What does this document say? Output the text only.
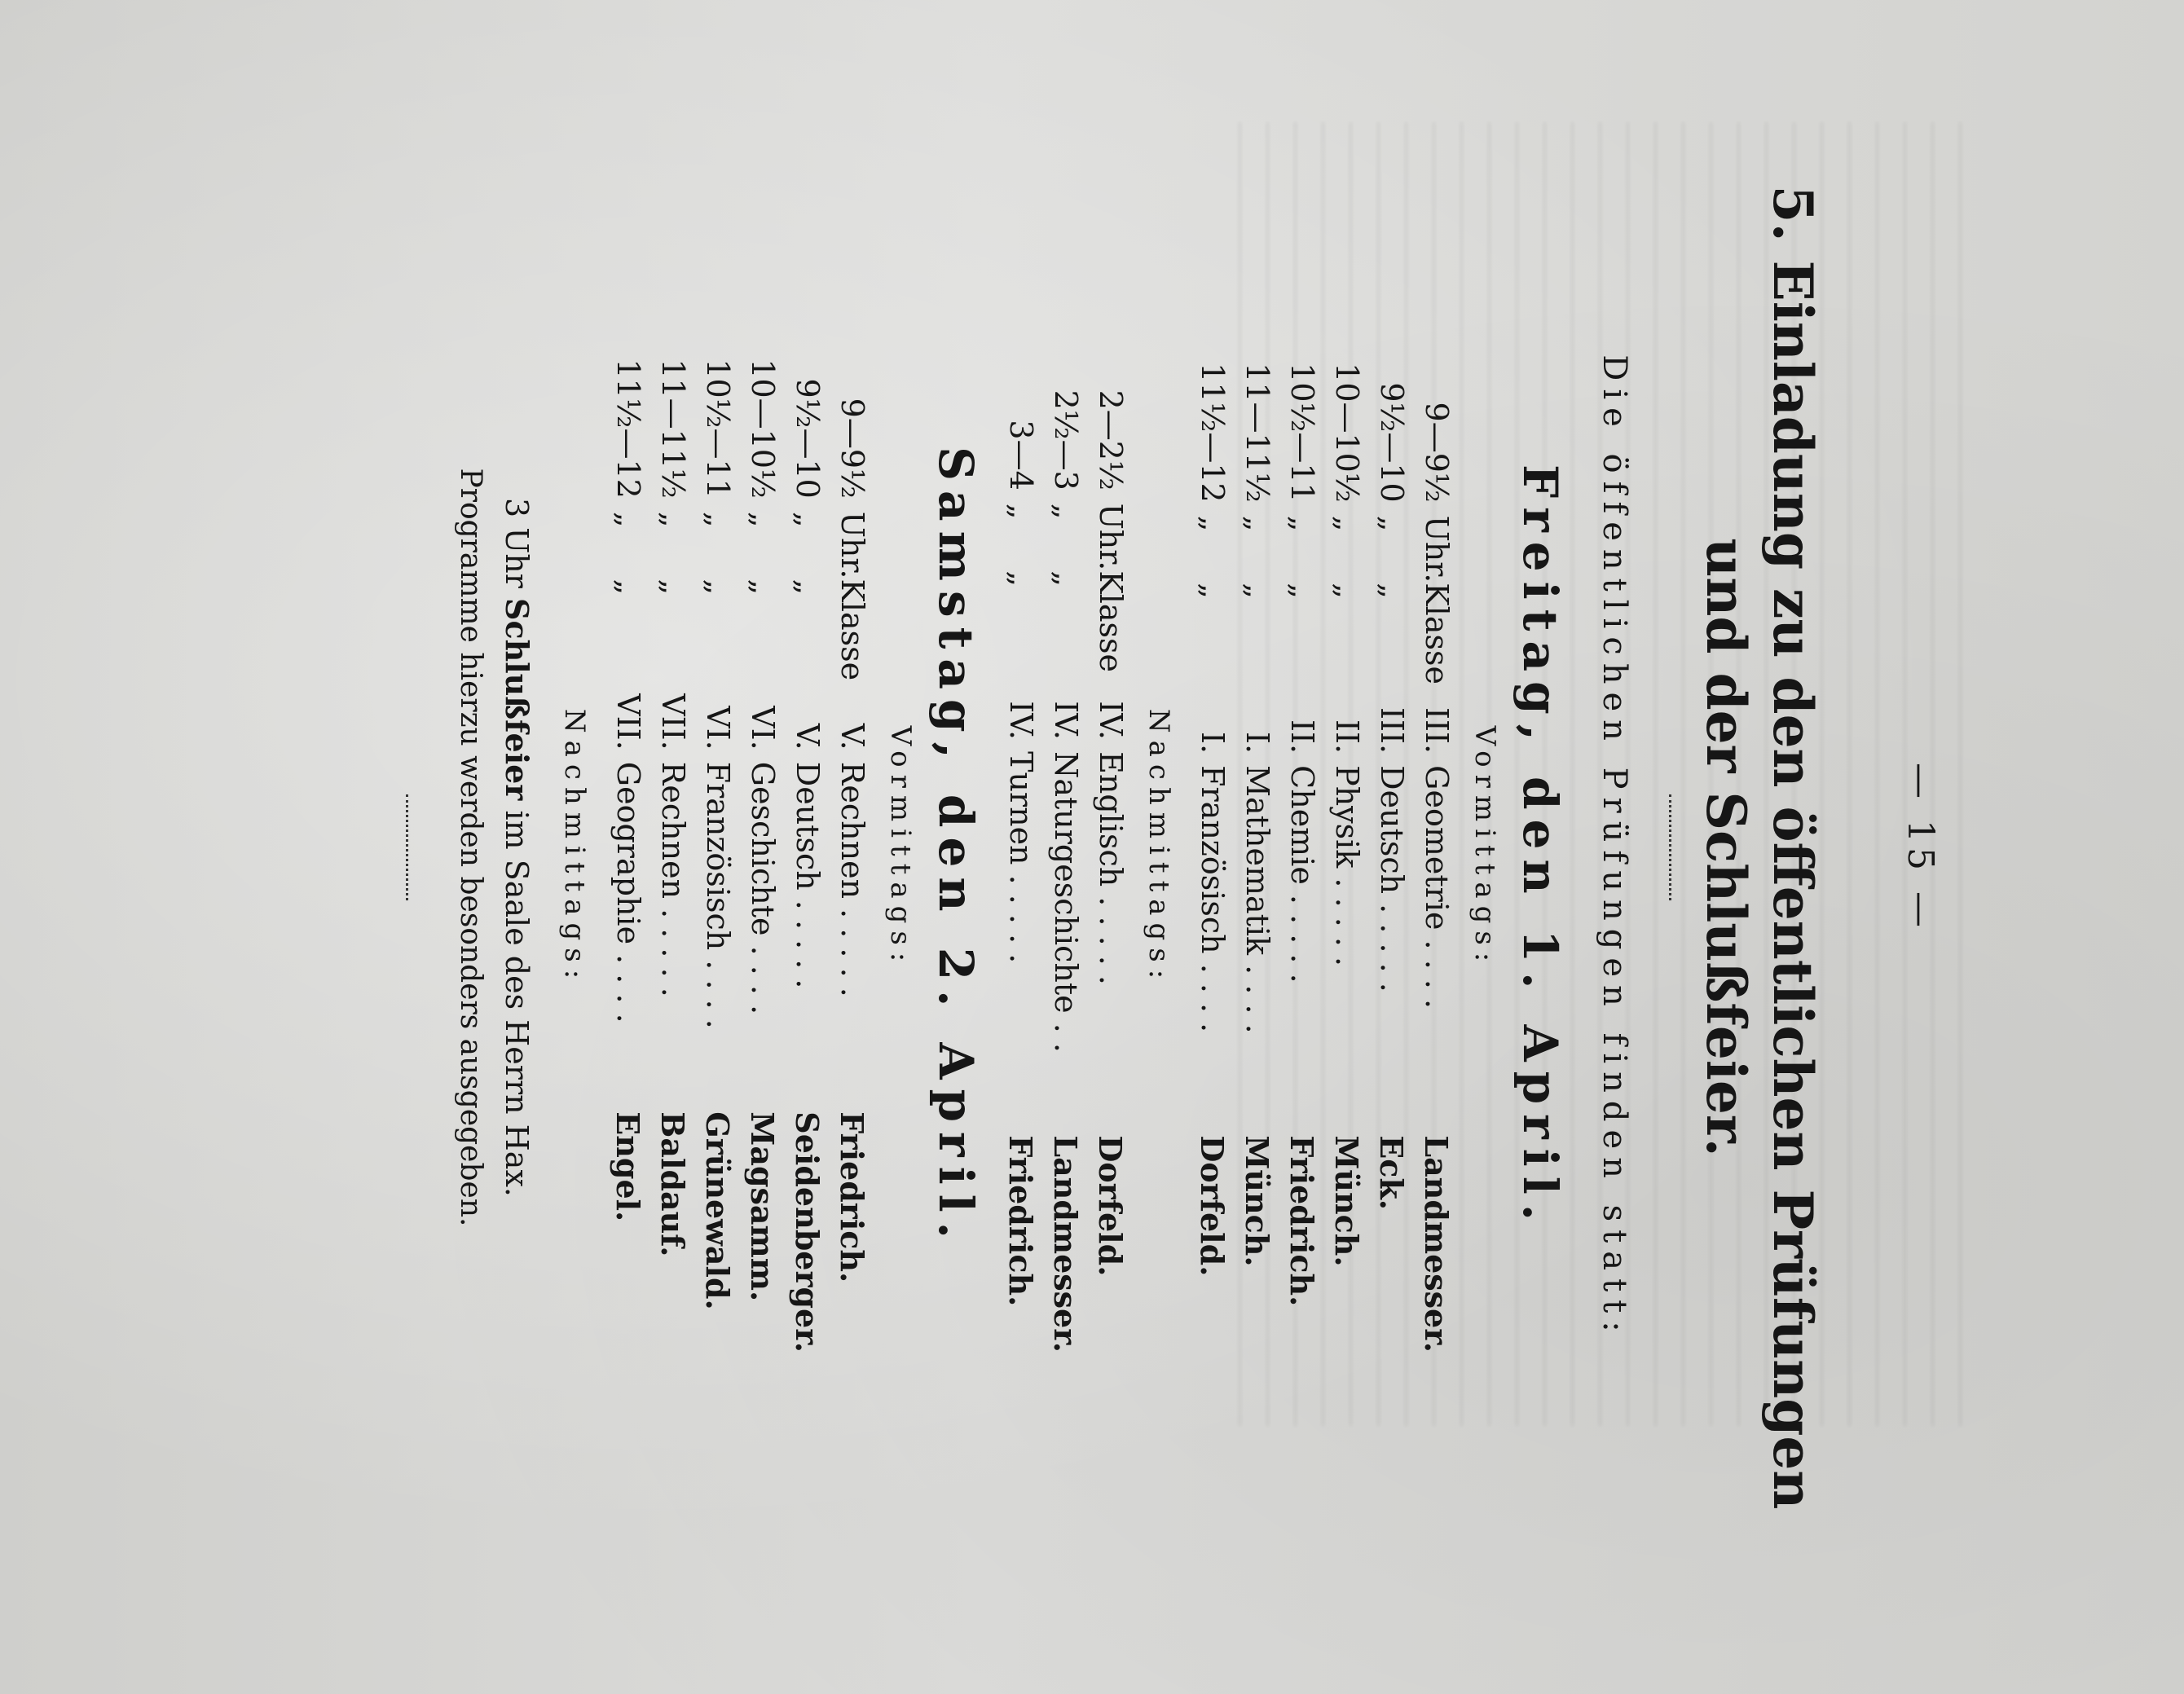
— 15 —
5. Einladung zu den öffentlichen Prüfungen
und der Schlußfeier.

Die öffentlichen Prüfungen finden statt:

Freitag, den 1. April.

Vormittags:

9—9½	Uhr.	Klasse	III.	Geometrie . . . .	Landmesser.
9½—10	„	„	III.	Deutsch . . . . .	Eck.
10—10½	„	„	II.	Physik . . . . .	Münch.
10½—11	„	„	II.	Chemie . . . . .	Friedrich.
11—11½	„	„	I.	Mathematik . . . .	Münch.
11½—12	„	„	I.	Französisch . . . .	Dorfeld.

Nachmittags:

2—2½	Uhr.	Klasse	IV.	Englisch . . . . .	Dorfeld.
2½—3	„	„	IV.	Naturgeschichte . .	Landmesser.
3—4	„	„	IV.	Turnen . . . . .	Friedrich.
Samstag, den 2. April.

Vormittags:

9—9½	Uhr.	Klasse	V.	Rechnen . . . . .	Friedrich.
9½—10	„	„	V.	Deutsch . . . . .	Seidenberger.
10—10½	„	„	VI.	Geschichte . . . .	Magsamm.
10½—11	„	„	VI.	Französisch . . . .	Grünewald.
11—11½	„	„	VII.	Rechnen . . . . .	Baldauf.
11½—12	„	„	VII.	Geographie . . . .	Engel.

Nachmittags:

3 Uhr Schlußfeier im Saale des Herrn Hax.

Programme hierzu werden besonders ausgegeben.
